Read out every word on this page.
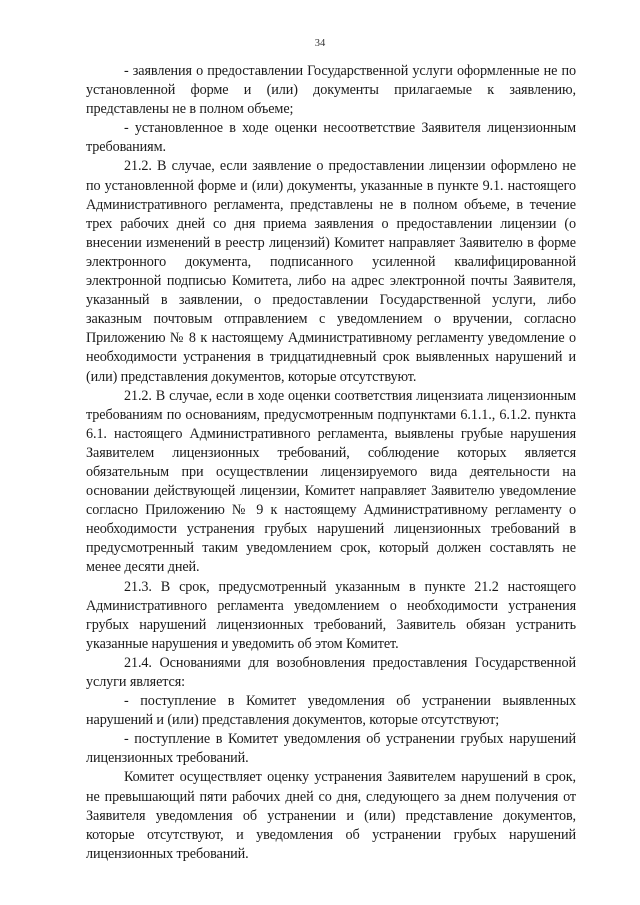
34

- заявления о предоставлении Государственной услуги оформленные не по установленной форме и (или) документы прилагаемые к заявлению, представлены не в полном объеме;

- установленное в ходе оценки несоответствие Заявителя лицензионным требованиям.

21.2. В случае, если заявление о предоставлении лицензии оформлено не по установленной форме и (или) документы, указанные в пункте 9.1. настоящего Административного регламента, представлены не в полном объеме, в течение трех рабочих дней со дня приема заявления о предоставлении лицензии (о внесении изменений в реестр лицензий) Комитет направляет Заявителю в форме электронного документа, подписанного усиленной квалифицированной электронной подписью Комитета, либо на адрес электронной почты Заявителя, указанный в заявлении, о предоставлении Государственной услуги, либо заказным почтовым отправлением с уведомлением о вручении, согласно Приложению № 8 к настоящему Административному регламенту уведомление о необходимости устранения в тридцатидневный срок выявленных нарушений и (или) представления документов, которые отсутствуют.

21.2. В случае, если в ходе оценки соответствия лицензиата лицензионным требованиям по основаниям, предусмотренным подпунктами 6.1.1., 6.1.2. пункта 6.1. настоящего Административного регламента, выявлены грубые нарушения Заявителем лицензионных требований, соблюдение которых является обязательным при осуществлении лицензируемого вида деятельности на основании действующей лицензии, Комитет направляет Заявителю уведомление согласно Приложению № 9 к настоящему Административному регламенту о необходимости устранения грубых нарушений лицензионных требований в предусмотренный таким уведомлением срок, который должен составлять не менее десяти дней.

21.3. В срок, предусмотренный указанным в пункте 21.2 настоящего Административного регламента уведомлением о необходимости устранения грубых нарушений лицензионных требований, Заявитель обязан устранить указанные нарушения и уведомить об этом Комитет.

21.4. Основаниями для возобновления предоставления Государственной услуги является:

- поступление в Комитет уведомления об устранении выявленных нарушений и (или) представления документов, которые отсутствуют;

- поступление в Комитет уведомления об устранении грубых нарушений лицензионных требований.

Комитет осуществляет оценку устранения Заявителем нарушений в срок, не превышающий пяти рабочих дней со дня, следующего за днем получения от Заявителя уведомления об устранении и (или) представление документов, которые отсутствуют, и уведомления об устранении грубых нарушений лицензионных требований.
